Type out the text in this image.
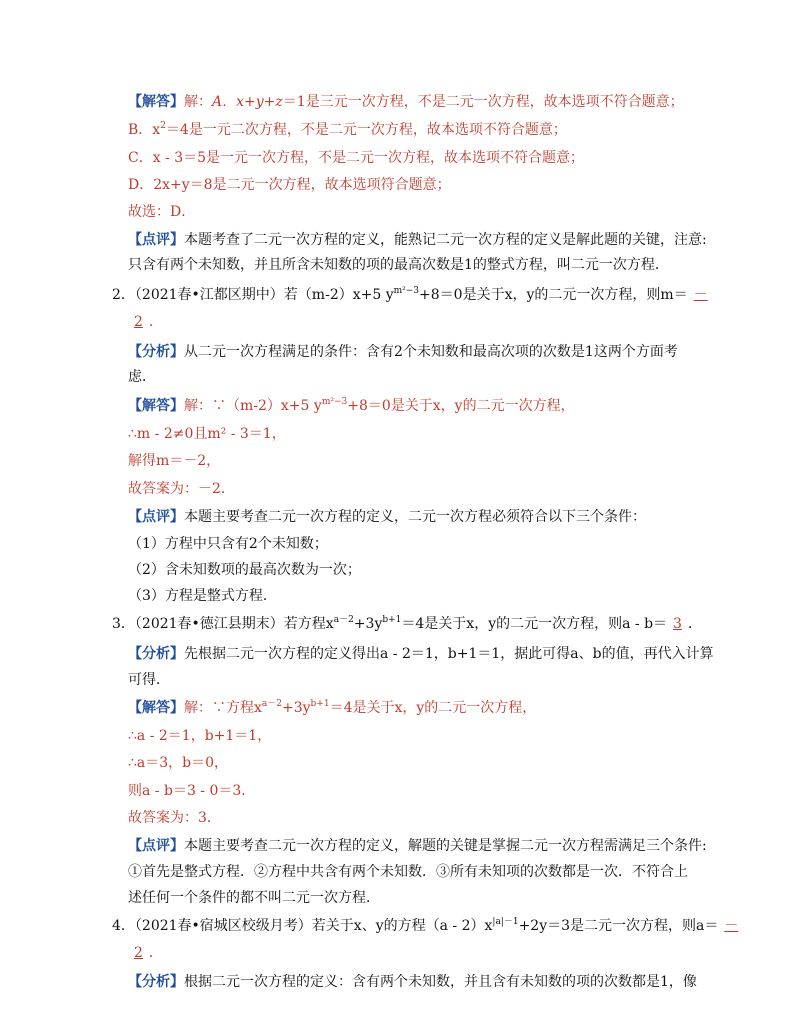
【解答】解：A．x+y+z＝1是三元一次方程，不是二元一次方程，故本选项不符合题意；
B．$x^2=4$是一元二次方程，不是二元一次方程，故本选项不符合题意；
C．x - 3＝5是一元一次方程，不是二元一次方程，故本选项不符合题意；
D．2x+y＝8是二元一次方程，故本选项符合题意；
故选：D．
【点评】本题考查了二元一次方程的定义，能熟记二元一次方程的定义是解此题的关键，注意:
只含有两个未知数，并且所含未知数的项的最高次数是1的整式方程，叫二元一次方程．
2．（2021春•江都区期中）若（m-2）x+5 $y^{m^2-3}+8=0$是关于x，y的二元一次方程，则m＝ －
2 ．
【分析】从二元一次方程满足的条件：含有2个未知数和最高次项的次数是1这两个方面考
虑．
【解答】解：∵（m-2）x+5 $y^{m^2-3}+8=0$是关于x，y的二元一次方程，
∴m - 2≠0且m² - 3＝1，
解得m＝－2，
故答案为：－2．
【点评】本题主要考查二元一次方程的定义，二元一次方程必须符合以下三个条件：
（1）方程中只含有2个未知数；
（2）含未知数项的最高次数为一次；
（3）方程是整式方程．
3．（2021春•德江县期末）若方程$x^{a-2}+3y^{b+1}=4$是关于x，y的二元一次方程，则a - b＝ 3 ．
【分析】先根据二元一次方程的定义得出a - 2＝1，b+1＝1，据此可得a、b的值，再代入计算
可得．
【解答】解：∵方程$x^{a-2}+3y^{b+1}=4$是关于x，y的二元一次方程，
∴a - 2＝1，b+1＝1，
∴a＝3，b＝0，
则a - b＝3 - 0＝3．
故答案为：3．
【点评】本题主要考查二元一次方程的定义，解题的关键是掌握二元一次方程需满足三个条件:
①首先是整式方程．②方程中共含有两个未知数．③所有未知项的次数都是一次．不符合上
述任何一个条件的都不叫二元一次方程．
4．（2021春•宿城区校级月考）若关于x、y的方程$(a - 2)x^{|a|-1}+2y=3$是二元一次方程，则a＝ －
2 ．
【分析】根据二元一次方程的定义：含有两个未知数，并且含有未知数的项的次数都是1，像
